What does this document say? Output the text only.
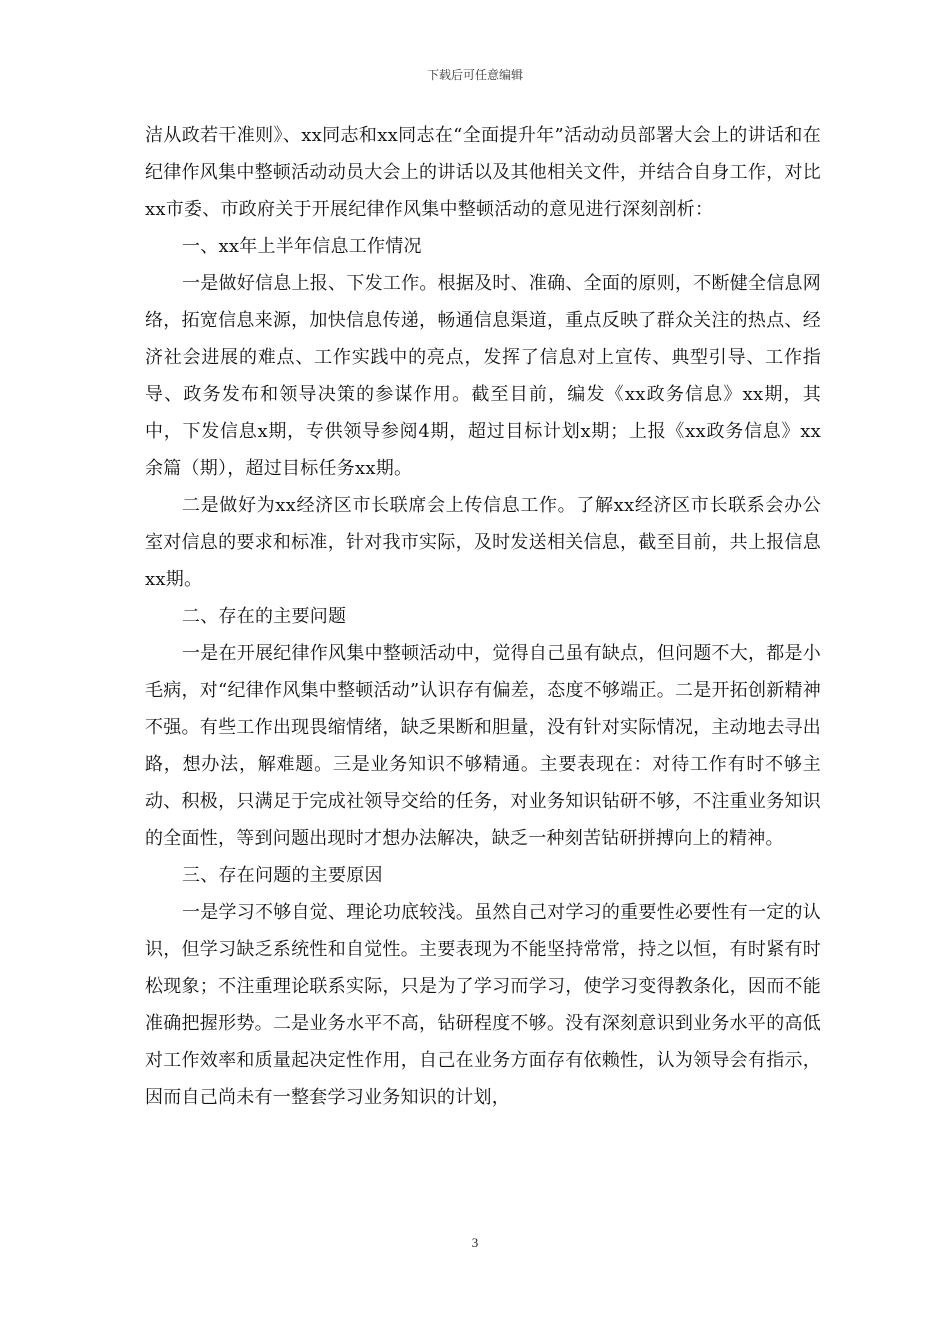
下载后可任意编辑

洁从政若干准则》、xx同志和xx同志在“全面提升年”活动动员部署大会上的讲话和在纪律作风集中整顿活动动员大会上的讲话以及其他相关文件，并结合自身工作，对比xx市委、市政府关于开展纪律作风集中整顿活动的意见进行深刻剖析：

一、xx年上半年信息工作情况

一是做好信息上报、下发工作。根据及时、准确、全面的原则，不断健全信息网络，拓宽信息来源，加快信息传递，畅通信息渠道，重点反映了群众关注的热点、经济社会进展的难点、工作实践中的亮点，发挥了信息对上宣传、典型引导、工作指导、政务发布和领导决策的参谋作用。截至目前，编发《xx政务信息》xx期，其中，下发信息x期，专供领导参阅4期，超过目标计划x期；上报《xx政务信息》xx余篇（期），超过目标任务xx期。

二是做好为xx经济区市长联席会上传信息工作。了解xx经济区市长联系会办公室对信息的要求和标准，针对我市实际，及时发送相关信息，截至目前，共上报信息xx期。

二、存在的主要问题

一是在开展纪律作风集中整顿活动中，觉得自己虽有缺点，但问题不大，都是小毛病，对“纪律作风集中整顿活动”认识存有偏差，态度不够端正。二是开拓创新精神不强。有些工作出现畏缩情绪，缺乏果断和胆量，没有针对实际情况，主动地去寻出路，想办法，解难题。三是业务知识不够精通。主要表现在：对待工作有时不够主动、积极，只满足于完成社领导交给的任务，对业务知识钻研不够，不注重业务知识的全面性，等到问题出现时才想办法解决，缺乏一种刻苦钻研拼搏向上的精神。

三、存在问题的主要原因

一是学习不够自觉、理论功底较浅。虽然自己对学习的重要性必要性有一定的认识，但学习缺乏系统性和自觉性。主要表现为不能坚持常常，持之以恒，有时紧有时松现象；不注重理论联系实际，只是为了学习而学习，使学习变得教条化，因而不能准确把握形势。二是业务水平不高，钻研程度不够。没有深刻意识到业务水平的高低对工作效率和质量起决定性作用，自己在业务方面存有依赖性，认为领导会有指示，因而自己尚未有一整套学习业务知识的计划，

3
